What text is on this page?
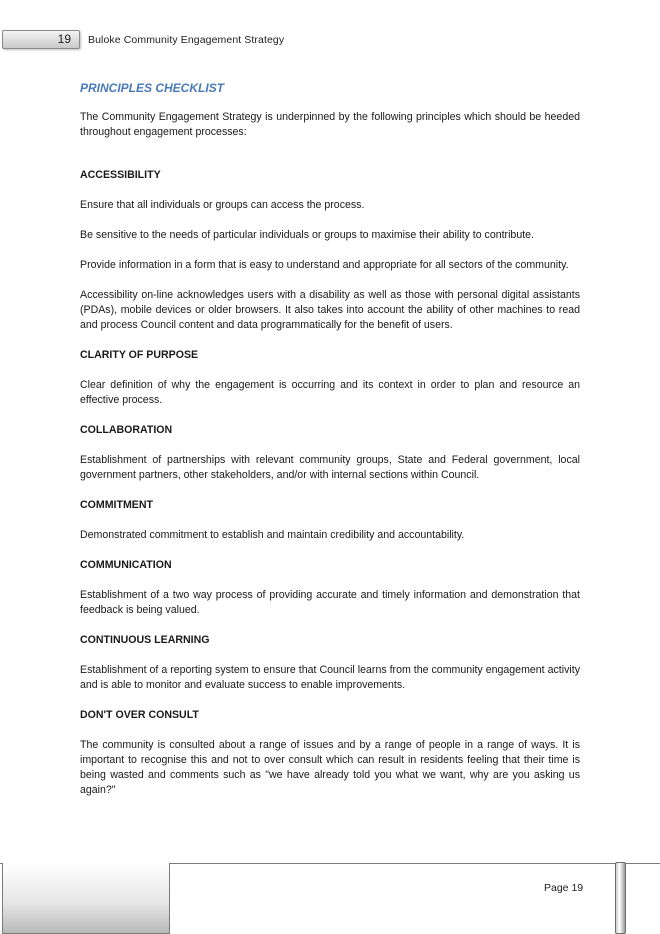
19 Buloke Community Engagement Strategy
PRINCIPLES CHECKLIST
The Community Engagement Strategy is underpinned by the following principles which should be heeded throughout engagement processes:
ACCESSIBILITY
Ensure that all individuals or groups can access the process.
Be sensitive to the needs of particular individuals or groups to maximise their ability to contribute.
Provide information in a form that is easy to understand and appropriate for all sectors of the community.
Accessibility on-line acknowledges users with a disability as well as those with personal digital assistants (PDAs), mobile devices or older browsers. It also takes into account the ability of other machines to read and process Council content and data programmatically for the benefit of users.
CLARITY OF PURPOSE
Clear definition of why the engagement is occurring and its context in order to plan and resource an effective process.
COLLABORATION
Establishment of partnerships with relevant community groups, State and Federal government, local government partners, other stakeholders, and/or with internal sections within Council.
COMMITMENT
Demonstrated commitment to establish and maintain credibility and accountability.
COMMUNICATION
Establishment of a two way process of providing accurate and timely information and demonstration that feedback is being valued.
CONTINUOUS LEARNING
Establishment of a reporting system to ensure that Council learns from the community engagement activity and is able to monitor and evaluate success to enable improvements.
DON'T OVER CONSULT
The community is consulted about a range of issues and by a range of people in a range of ways. It is important to recognise this and not to over consult which can result in residents feeling that their time is being wasted and comments such as "we have already told you what we want, why are you asking us again?"
Page 19
